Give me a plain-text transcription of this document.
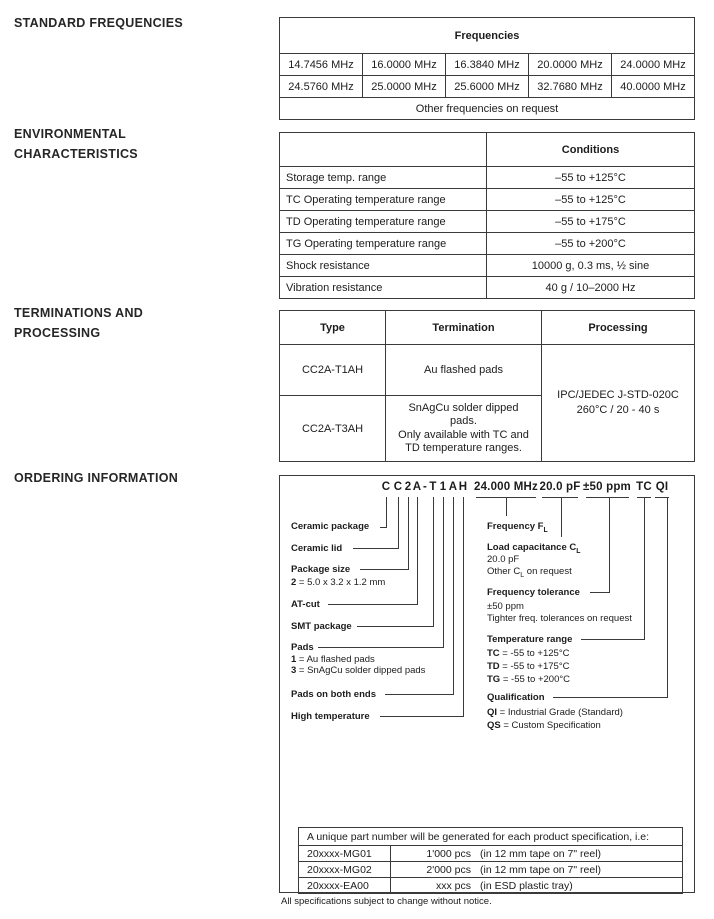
STANDARD FREQUENCIES
ENVIRONMENTAL
CHARACTERISTICS
TERMINATIONS AND
PROCESSING
ORDERING INFORMATION
Frequencies				
14.7456 MHz	16.0000 MHz	16.3840 MHz	20.0000 MHz	24.0000 MHz
24.5760 MHz	25.0000 MHz	25.6000 MHz	32.7680 MHz	40.0000 MHz
Other frequencies on request				
	Conditions
Storage temp. range	–55 to +125°C
TC Operating temperature range	–55 to +125°C
TD Operating temperature range	–55 to +175°C
TG Operating temperature range	–55 to +200°C
Shock resistance	10000 g, 0.3 ms, ½ sine
Vibration resistance	40 g / 10–2000 Hz
Type	Termination	Processing
CC2A-T1AH	Au flashed pads	IPC/JEDEC J-STD-020C
260°C / 20 - 40 s

CC2A-T3AH	SnAgCu solder dipped
pads.
Only available with TC and
TD temperature ranges.	
C C 2 A - T 1 A H 24.000 MHz 20.0 pF ±50 ppm TC QI
Ceramic package
Ceramic lid
Package size
2 = 5.0 x 3.2 x 1.2 mm
AT-cut
SMT package
Pads
1 = Au flashed pads
3 = SnAgCu solder dipped pads
Pads on both ends
High temperature
Frequency $F_L$
Load capacitance $C_L$
20.0 pF
Other $C_L$ on request
Frequency tolerance
±50 ppm
Tighter freq. tolerances on request
Temperature range
TC = -55 to +125°C
TD = -55 to +175°C
TG = -55 to +200°C
Qualification
QI = Industrial Grade (Standard)
QS = Custom Specification
A unique part number will be generated for each product specification, i.e:	
20xxxx-MG01	1'000 pcs (in 12 mm tape on 7" reel)
20xxxx-MG02	2'000 pcs (in 12 mm tape on 7" reel)
20xxxx-EA00	xxx pcs (in ESD plastic tray)
All specifications subject to change without notice.
